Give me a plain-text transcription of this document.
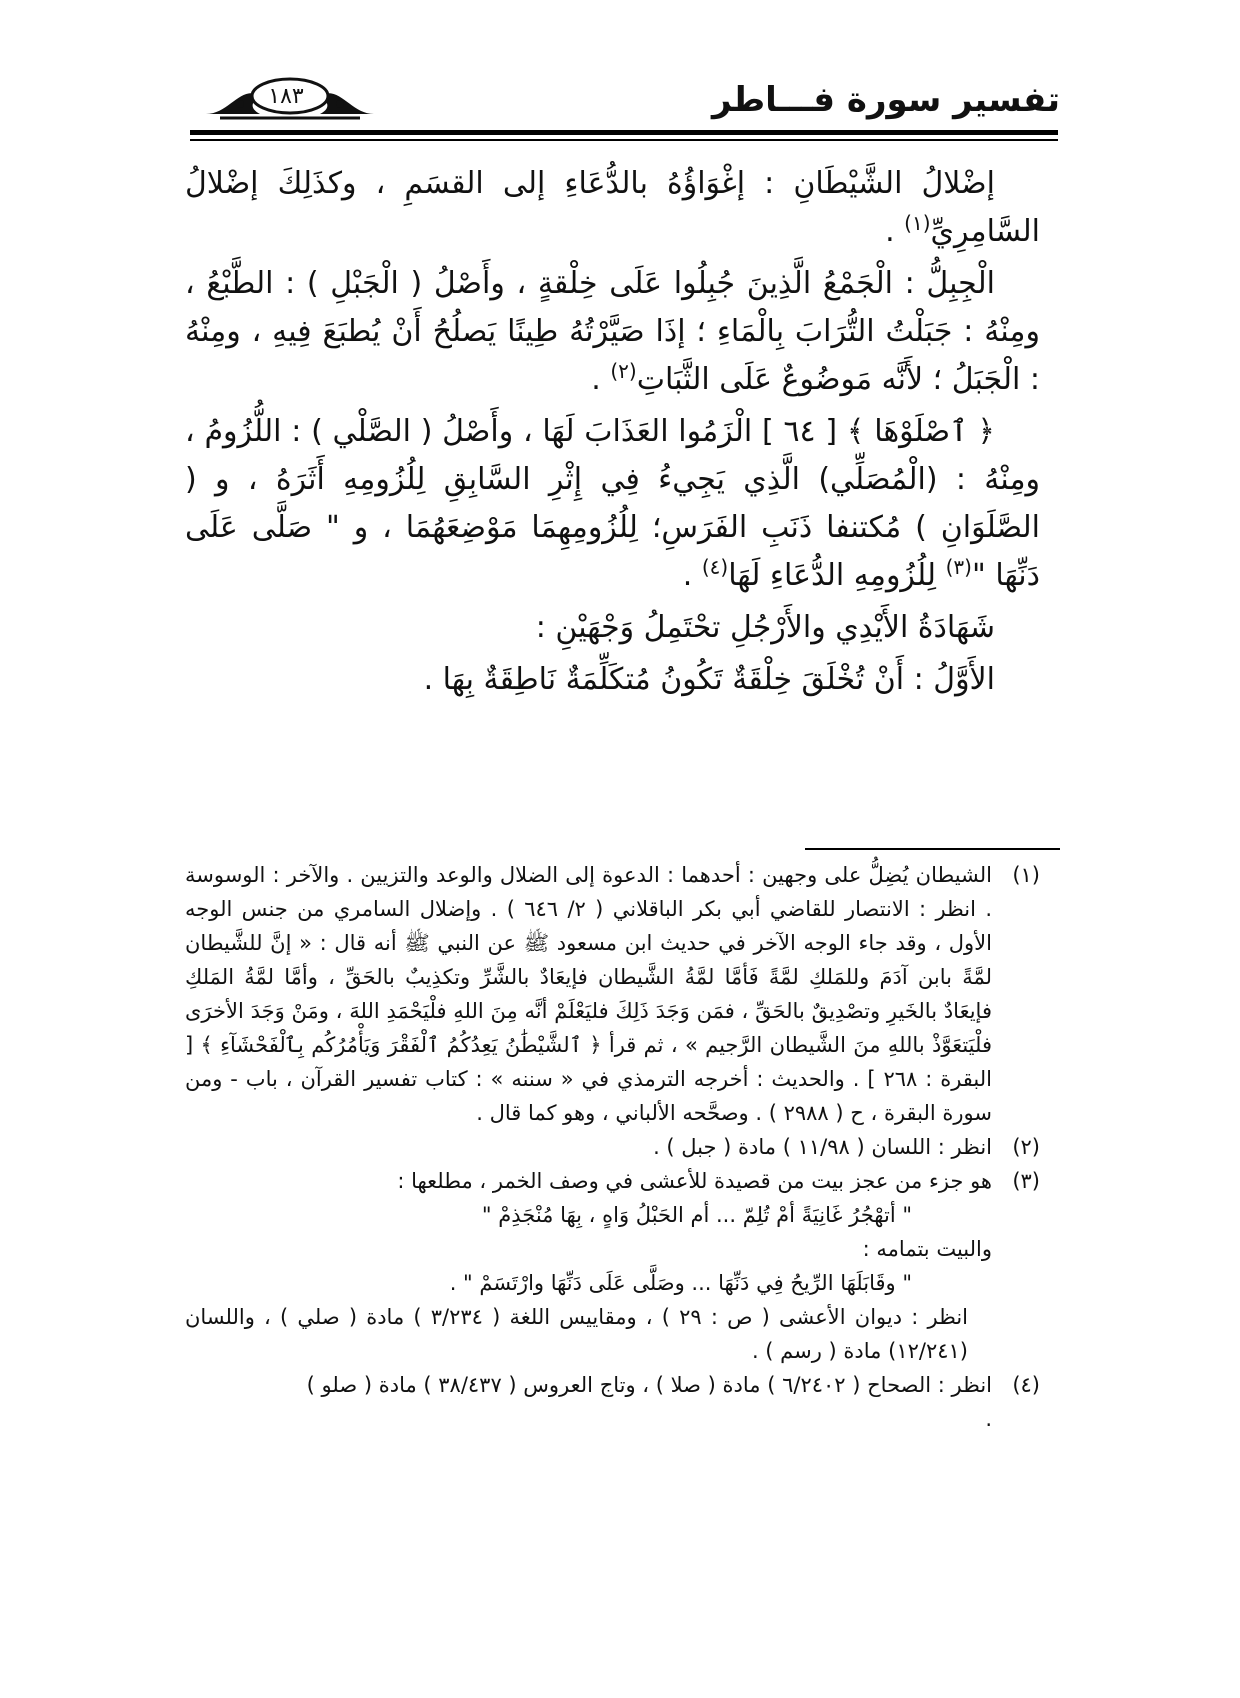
تفسير سورة فـــاطر
١٨٣

إضْلالُ الشَّيْطَانِ : إغْوَاؤُهُ بالدُّعَاءِ إلى القسَمِ ، وكذَلِكَ إضْلالُ السَّامِرِيِّ$^{(١)}$ .

الْجِبِلُّ : الْجَمْعُ الَّذِينَ جُبِلُوا عَلَى خِلْقةٍ ، وأَصْلُ ( الْجَبْلِ ) : الطَّبْعُ ، ومِنْهُ : جَبَلْتُ التُّرَابَ بِالْمَاءِ ؛ إذَا صَيَّرْتُهُ طِينًا يَصلُحُ أَنْ يُطبَعَ فِيهِ ، ومِنْهُ : الْجَبَلُ ؛ لأَنَّه مَوضُوعٌ عَلَى الثَّبَاتِ$^{(٢)}$ .

﴿ ٱصْلَوْهَا ﴾ [ ٦٤ ] الْزَمُوا العَذَابَ لَهَا ، وأَصْلُ ( الصَّلْي ) : اللُّزُومُ ، ومِنْهُ : (الْمُصَلِّي) الَّذِي يَجِيءُ فِي إِثْرِ السَّابِقِ لِلُزُومِهِ أَثَرَهُ ، و ( الصَّلَوَانِ ) مُكتنفا ذَنَبِ الفَرَسِ؛ لِلُزُومِهِمَا مَوْضِعَهُمَا ، و " صَلَّى عَلَى دَنِّهَا "$^{(٣)}$ لِلُزُومِهِ الدُّعَاءِ لَهَا$^{(٤)}$ .

شَهَادَةُ الأَيْدِي والأَرْجُلِ تحْتَمِلُ وَجْهَيْنِ :

الأَوَّلُ : أَنْ تُخْلَقَ خِلْقَةٌ تَكُونُ مُتكَلِّمَةٌ نَاطِقَةٌ بِهَا .

(١)
الشيطان يُضِلُّ على وجهين : أحدهما : الدعوة إلى الضلال والوعد والتزيين . والآخر : الوسوسة . انظر : الانتصار للقاضي أبي بكر الباقلاني ( ٢/ ٦٤٦ ) . وإضلال السامري من جنس الوجه الأول ، وقد جاء الوجه الآخر في حديث ابن مسعود ﷺ عن النبي ﷺ أنه قال : « إنَّ للشَّيطان لمَّةً بابن آدَمَ وللمَلكِ لمَّةً فَأمَّا لمَّةُ الشَّيطان فإيعَادٌ بالشَّرِّ وتكذِيبٌ بالحَقِّ ، وأمَّا لمَّةُ المَلكِ فإيعَادٌ بالخَيرِ وتصْدِيقٌ بالحَقِّ ، فمَن وَجَدَ ذَلِكَ فليَعْلَمْ أنَّه مِنَ اللهِ فلْيَحْمَدِ اللهَ ، ومَنْ وَجَدَ الأخرَى فلْيَتعَوَّذْ باللهِ منَ الشَّيطان الرَّجيم » ، ثم قرأ ﴿ ٱلشَّيْطَٰنُ يَعِدُكُمُ ٱلْفَقْرَ وَيَأْمُرُكُم بِٱلْفَحْشَآءِ ﴾ [ البقرة : ٢٦٨ ] . والحديث : أخرجه الترمذي في « سننه » : كتاب تفسير القرآن ، باب - ومن سورة البقرة ، ح ( ٢٩٨٨ ) . وصحَّحه الألباني ، وهو كما قال .
(٢)
انظر : اللسان ( ١١/٩٨ ) مادة ( جبل ) .
(٣)
هو جزء من عجز بيت من قصيدة للأعشى في وصف الخمر ، مطلعها :
" أتهْجُرُ غَانِيَةً أمْ تُلِمّ ... أم الحَبْلُ وَاهٍ ، بِهَا مُنْجَذِمْ "
والبيت بتمامه :
" وقَابَلَهَا الرِّيحُ فِي دَنِّهَا ... وصَلَّى عَلَى دَنِّهَا وارْتَسَمْ " .
انظر : ديوان الأعشى ( ص : ٢٩ ) ، ومقاييس اللغة ( ٣/٢٣٤ ) مادة ( صلي ) ، واللسان (١٢/٢٤١) مادة ( رسم ) .
(٤)
انظر : الصحاح ( ٦/٢٤٠٢ ) مادة ( صلا ) ، وتاج العروس ( ٣٨/٤٣٧ ) مادة ( صلو )
.
